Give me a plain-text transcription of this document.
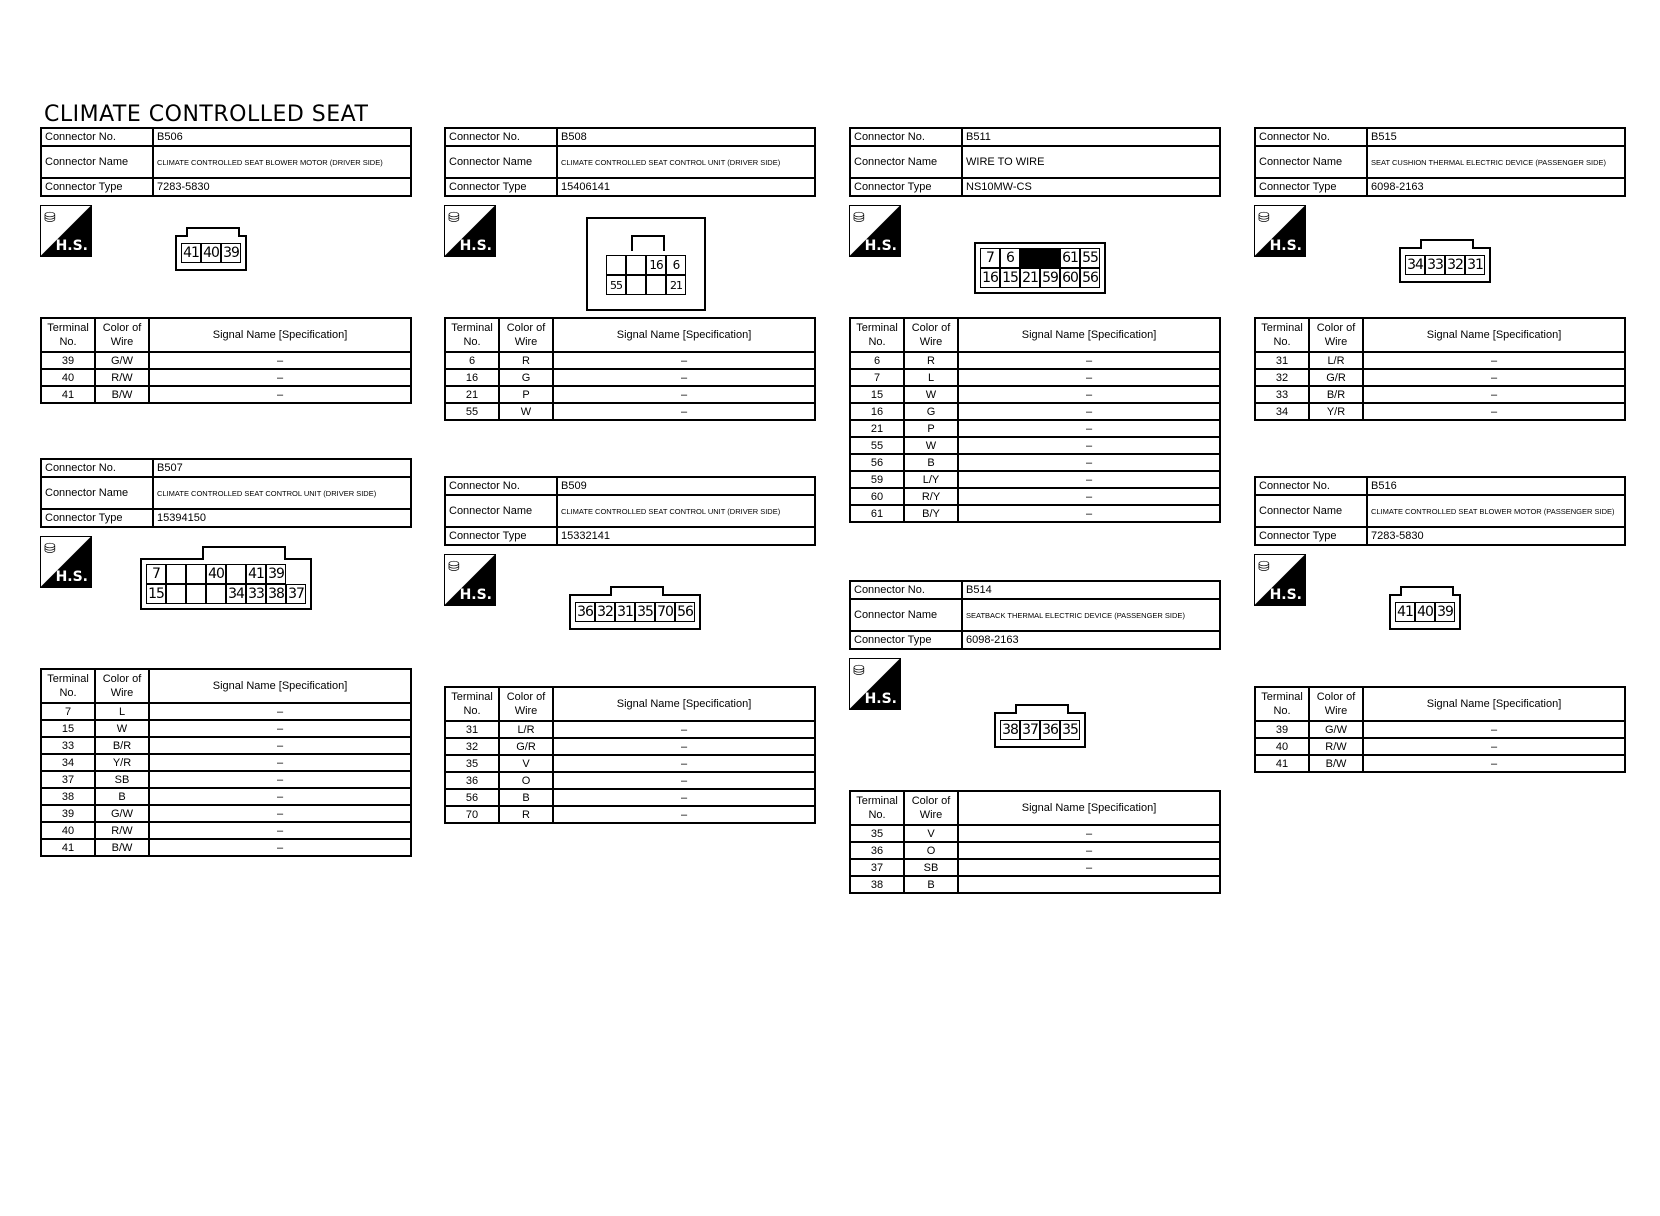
CLIMATE CONTROLLED SEAT
Connector No.	B506
Connector Name	CLIMATE CONTROLLED SEAT BLOWER MOTOR (DRIVER SIDE)
Connector Type	7283-5830
⛁
H.S.	41 40 39
Terminal No.	Color of Wire	Signal Name [Specification]
39	G/W	–
40	R/W	–
41	B/W	–
Connector No.	B507
Connector Name	CLIMATE CONTROLLED SEAT CONTROL UNIT (DRIVER SIDE)
Connector Type	15394150
⛁
H.S.	7	40 41 39
15	34 33 38 37
Terminal No.	Color of Wire	Signal Name [Specification]
7	L	–
15	W	–
33	B/R	–
34	Y/R	–
37	SB	–
38	B	–
39	G/W	–
40	R/W	–
41	B/W	–
Connector No.	B508
Connector Name	CLIMATE CONTROLLED SEAT CONTROL UNIT (DRIVER SIDE)
Connector Type	15406141
⛁
H.S.
16 6
55	21
Terminal No.	Color of Wire	Signal Name [Specification]
6	R	–
16	G	–
21	P	–
55	W	–
Connector No.	B509
Connector Name	CLIMATE CONTROLLED SEAT CONTROL UNIT (DRIVER SIDE)
Connector Type	15332141
⛁
H.S.
36 32 31 35 70 56
Terminal No.	Color of Wire	Signal Name [Specification]
31	L/R	–
32	G/R	–
35	V	–
36	O	–
56	B	–
70	R	–
Connector No.	B511
Connector Name	WIRE TO WIRE
Connector Type	NS10MW-CS
⛁
H.S.
7 6	61 55
16 15 21 59 60 56
Terminal No.	Color of Wire	Signal Name [Specification]
6	R	–
7	L	–
15	W	–
16	G	–
21	P	–
55	W	–
56	B	–
59	L/Y	–
60	R/Y	–
61	B/Y	–
Connector No.	B514
Connector Name	SEATBACK THERMAL ELECTRIC DEVICE (PASSENGER SIDE)
Connector Type	6098-2163
⛁
H.S.
38 37 36 35
Terminal No.	Color of Wire	Signal Name [Specification]
35	V	–
36	O	–
37	SB	–
38	B	
Connector No.	B515
Connector Name	SEAT CUSHION THERMAL ELECTRIC DEVICE (PASSENGER SIDE)
Connector Type	6098-2163
⛁
H.S.
34 33 32 31
Terminal No.	Color of Wire	Signal Name [Specification]
31	L/R	–
32	G/R	–
33	B/R	–
34	Y/R	–
Connector No.	B516
Connector Name	CLIMATE CONTROLLED SEAT BLOWER MOTOR (PASSENGER SIDE)
Connector Type	7283-5830
⛁
H.S.
41 40 39
Terminal No.	Color of Wire	Signal Name [Specification]
39	G/W	–
40	R/W	–
41	B/W	–
